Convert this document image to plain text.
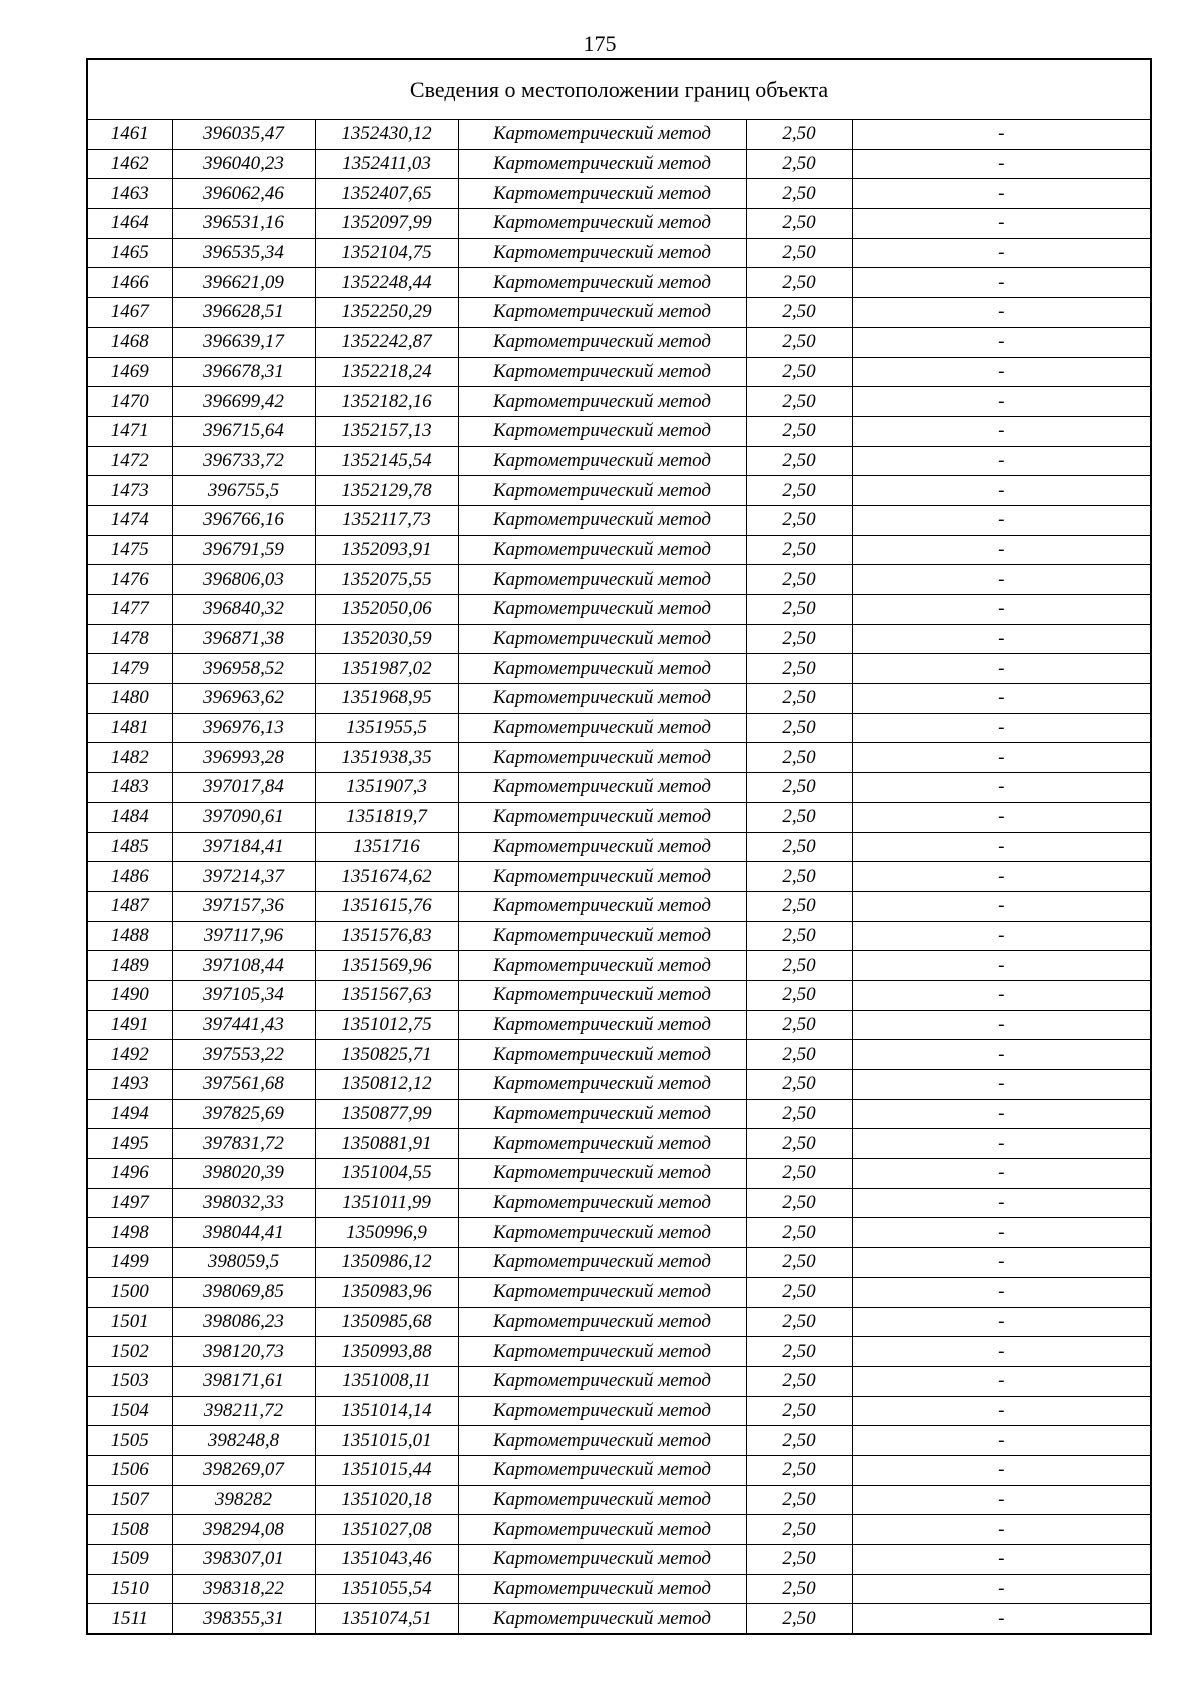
175
Сведения о местоположении границ объекта					
1461	396035,47	1352430,12	Картометрический метод	2,50	-
1462	396040,23	1352411,03	Картометрический метод	2,50	-
1463	396062,46	1352407,65	Картометрический метод	2,50	-
1464	396531,16	1352097,99	Картометрический метод	2,50	-
1465	396535,34	1352104,75	Картометрический метод	2,50	-
1466	396621,09	1352248,44	Картометрический метод	2,50	-
1467	396628,51	1352250,29	Картометрический метод	2,50	-
1468	396639,17	1352242,87	Картометрический метод	2,50	-
1469	396678,31	1352218,24	Картометрический метод	2,50	-
1470	396699,42	1352182,16	Картометрический метод	2,50	-
1471	396715,64	1352157,13	Картометрический метод	2,50	-
1472	396733,72	1352145,54	Картометрический метод	2,50	-
1473	396755,5	1352129,78	Картометрический метод	2,50	-
1474	396766,16	1352117,73	Картометрический метод	2,50	-
1475	396791,59	1352093,91	Картометрический метод	2,50	-
1476	396806,03	1352075,55	Картометрический метод	2,50	-
1477	396840,32	1352050,06	Картометрический метод	2,50	-
1478	396871,38	1352030,59	Картометрический метод	2,50	-
1479	396958,52	1351987,02	Картометрический метод	2,50	-
1480	396963,62	1351968,95	Картометрический метод	2,50	-
1481	396976,13	1351955,5	Картометрический метод	2,50	-
1482	396993,28	1351938,35	Картометрический метод	2,50	-
1483	397017,84	1351907,3	Картометрический метод	2,50	-
1484	397090,61	1351819,7	Картометрический метод	2,50	-
1485	397184,41	1351716	Картометрический метод	2,50	-
1486	397214,37	1351674,62	Картометрический метод	2,50	-
1487	397157,36	1351615,76	Картометрический метод	2,50	-
1488	397117,96	1351576,83	Картометрический метод	2,50	-
1489	397108,44	1351569,96	Картометрический метод	2,50	-
1490	397105,34	1351567,63	Картометрический метод	2,50	-
1491	397441,43	1351012,75	Картометрический метод	2,50	-
1492	397553,22	1350825,71	Картометрический метод	2,50	-
1493	397561,68	1350812,12	Картометрический метод	2,50	-
1494	397825,69	1350877,99	Картометрический метод	2,50	-
1495	397831,72	1350881,91	Картометрический метод	2,50	-
1496	398020,39	1351004,55	Картометрический метод	2,50	-
1497	398032,33	1351011,99	Картометрический метод	2,50	-
1498	398044,41	1350996,9	Картометрический метод	2,50	-
1499	398059,5	1350986,12	Картометрический метод	2,50	-
1500	398069,85	1350983,96	Картометрический метод	2,50	-
1501	398086,23	1350985,68	Картометрический метод	2,50	-
1502	398120,73	1350993,88	Картометрический метод	2,50	-
1503	398171,61	1351008,11	Картометрический метод	2,50	-
1504	398211,72	1351014,14	Картометрический метод	2,50	-
1505	398248,8	1351015,01	Картометрический метод	2,50	-
1506	398269,07	1351015,44	Картометрический метод	2,50	-
1507	398282	1351020,18	Картометрический метод	2,50	-
1508	398294,08	1351027,08	Картометрический метод	2,50	-
1509	398307,01	1351043,46	Картометрический метод	2,50	-
1510	398318,22	1351055,54	Картометрический метод	2,50	-
1511	398355,31	1351074,51	Картометрический метод	2,50	-
